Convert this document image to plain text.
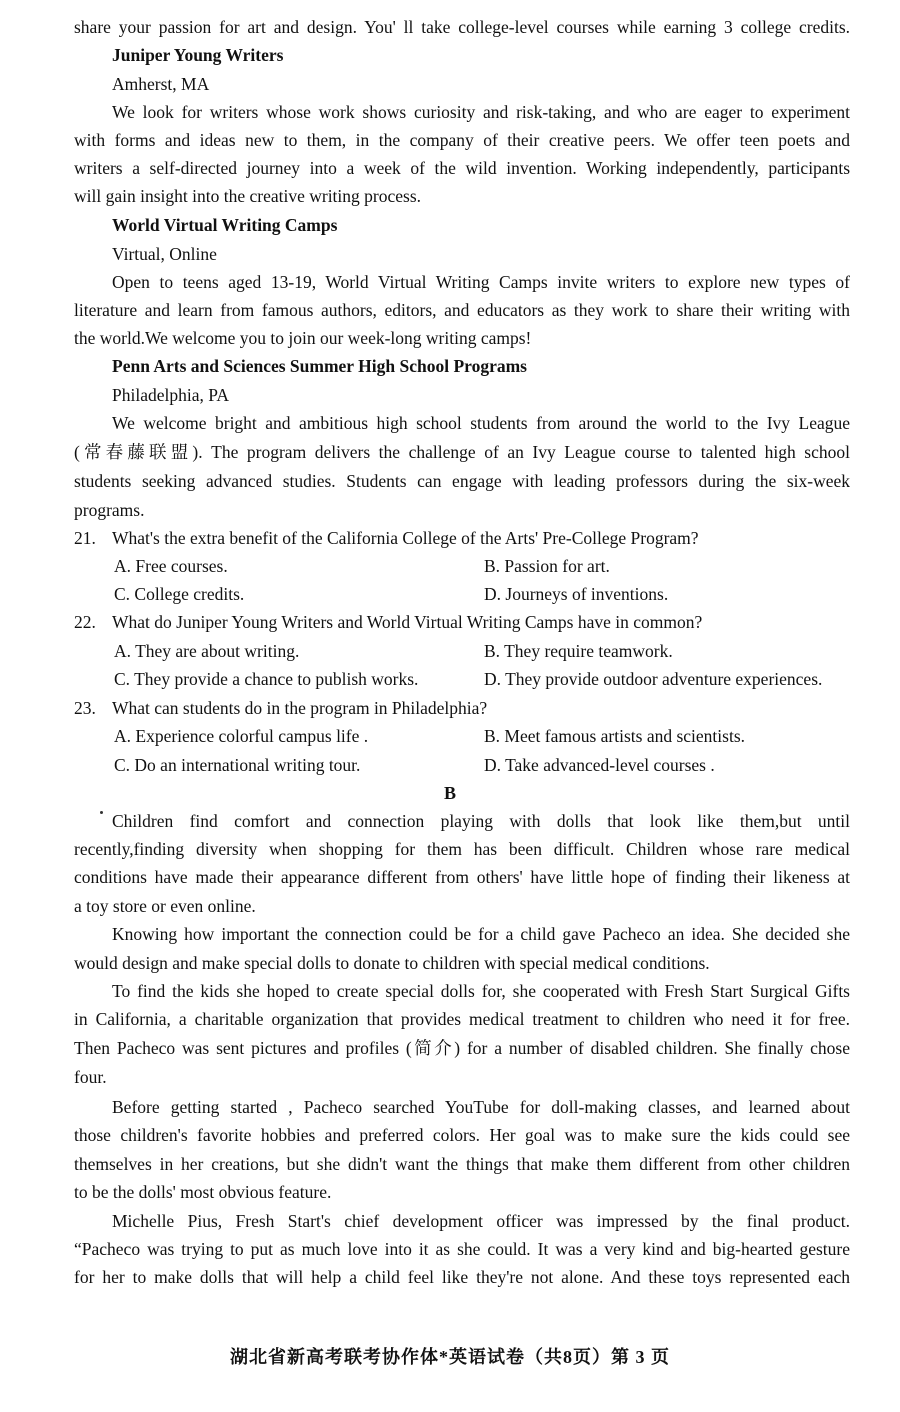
share your passion for art and design. You' ll take college-level courses while earning 3 college credits.
Juniper Young Writers
Amherst, MA
We look for writers whose work shows curiosity and risk-taking, and who are eager to experiment
with forms and ideas new to them, in the company of their creative peers. We offer teen poets and
writers a self-directed journey into a week of the wild invention. Working independently, participants
will gain insight into the creative writing process.
World Virtual Writing Camps
Virtual, Online
Open to teens aged 13-19, World Virtual Writing Camps invite writers to explore new types of
literature and learn from famous authors, editors, and educators as they work to share their writing with
the world.We welcome you to join our week-long writing camps!
Penn Arts and Sciences Summer High School Programs
Philadelphia, PA
We welcome bright and ambitious high school students from around the world to the Ivy League
(常春藤联盟). The program delivers the challenge of an Ivy League course to talented high school
students seeking advanced studies. Students can engage with leading professors during the six-week
programs.
21. What's the extra benefit of the California College of the Arts' Pre-College Program?
A. Free courses.	B. Passion for art.
C. College credits.	D. Journeys of inventions.
22. What do Juniper Young Writers and World Virtual Writing Camps have in common?
A. They are about writing.	B. They require teamwork.
C. They provide a chance to publish works.	D. They provide outdoor adventure experiences.
23. What can students do in the program in Philadelphia?
A. Experience colorful campus life .	B. Meet famous artists and scientists.
C. Do an international writing tour.	D. Take advanced-level courses .
B
Children find comfort and connection playing with dolls that look like them,but until
recently,finding diversity when shopping for them has been difficult. Children whose rare medical
conditions have made their appearance different from others' have little hope of finding their likeness at
a toy store or even online.
Knowing how important the connection could be for a child gave Pacheco an idea. She decided she
would design and make special dolls to donate to children with special medical conditions.
To find the kids she hoped to create special dolls for, she cooperated with Fresh Start Surgical Gifts
in California, a charitable organization that provides medical treatment to children who need it for free.
Then Pacheco was sent pictures and profiles (简介) for a number of disabled children. She finally chose
four.
Before getting started , Pacheco searched YouTube for doll-making classes, and learned about
those children's favorite hobbies and preferred colors. Her goal was to make sure the kids could see
themselves in her creations, but she didn't want the things that make them different from other children
to be the dolls' most obvious feature.
Michelle Pius, Fresh Start's chief development officer was impressed by the final product.
“Pacheco was trying to put as much love into it as she could. It was a very kind and big-hearted gesture
for her to make dolls that will help a child feel like they're not alone. And these toys represented each
湖北省新高考联考协作体*英语试卷（共8页）第 3 页
